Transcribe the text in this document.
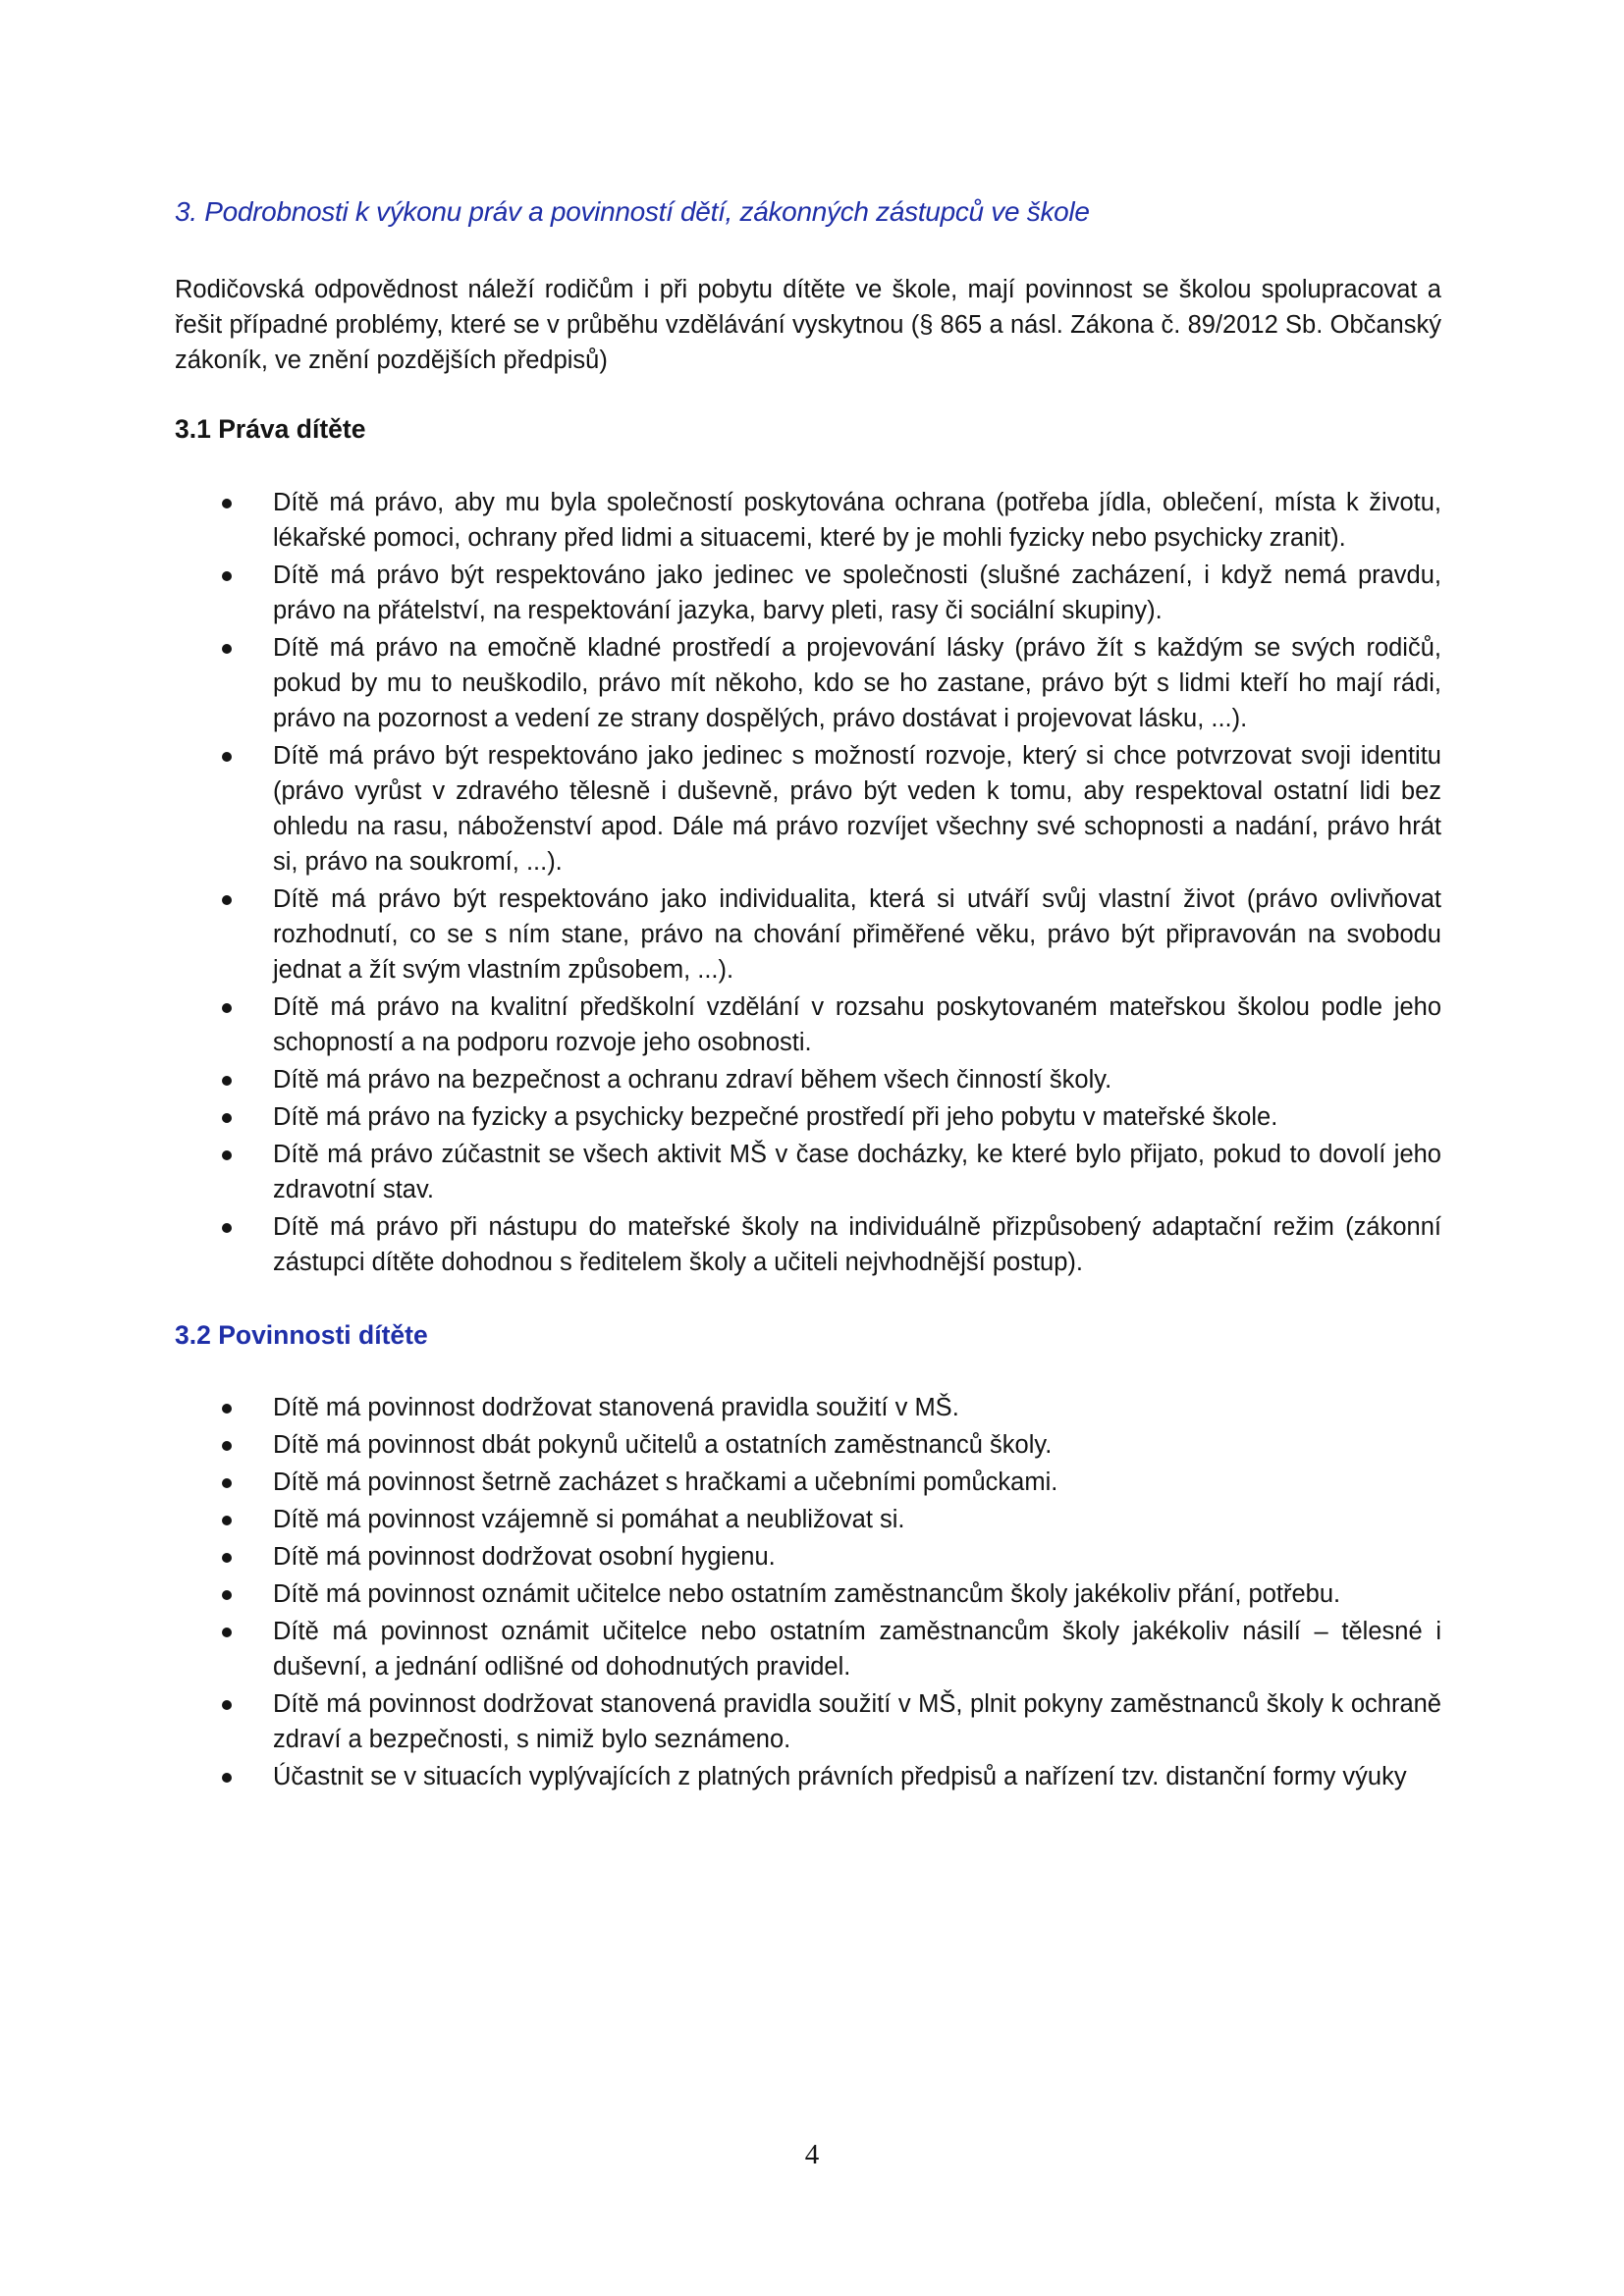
3. Podrobnosti k výkonu práv a povinností dětí, zákonných zástupců ve škole

Rodičovská odpovědnost náleží rodičům i při pobytu dítěte ve škole, mají povinnost se školou spolupracovat a řešit případné problémy, které se v průběhu vzdělávání vyskytnou (§ 865 a násl. Zákona č. 89/2012 Sb. Občanský zákoník, ve znění pozdějších předpisů)

3.1 Práva dítěte
Dítě má právo, aby mu byla společností poskytována ochrana (potřeba jídla, oblečení, místa k životu, lékařské pomoci, ochrany před lidmi a situacemi, které by je mohli fyzicky nebo psychicky zranit).
Dítě má právo být respektováno jako jedinec ve společnosti (slušné zacházení, i když nemá pravdu, právo na přátelství, na respektování jazyka, barvy pleti, rasy či sociální skupiny).
Dítě má právo na emočně kladné prostředí a projevování lásky (právo žít s každým se svých rodičů, pokud by mu to neuškodilo, právo mít někoho, kdo se ho zastane, právo být s lidmi kteří ho mají rádi, právo na pozornost a vedení ze strany dospělých, právo dostávat i projevovat lásku, ...).
Dítě má právo být respektováno jako jedinec s možností rozvoje, který si chce potvrzovat svoji identitu (právo vyrůst v zdravého tělesně i duševně, právo být veden k tomu, aby respektoval ostatní lidi bez ohledu na rasu, náboženství apod. Dále má právo rozvíjet všechny své schopnosti a nadání, právo hrát si, právo na soukromí, ...).
Dítě má právo být respektováno jako individualita, která si utváří svůj vlastní život (právo ovlivňovat rozhodnutí, co se s ním stane, právo na chování přiměřené věku, právo být připravován na svobodu jednat a žít svým vlastním způsobem, ...).
Dítě má právo na kvalitní předškolní vzdělání v rozsahu poskytovaném mateřskou školou podle jeho schopností a na podporu rozvoje jeho osobnosti.
Dítě má právo na bezpečnost a ochranu zdraví během všech činností školy.
Dítě má právo na fyzicky a psychicky bezpečné prostředí při jeho pobytu v mateřské škole.
Dítě má právo zúčastnit se všech aktivit MŠ v čase docházky, ke které bylo přijato, pokud to dovolí jeho zdravotní stav.
Dítě má právo při nástupu do mateřské školy na individuálně přizpůsobený adaptační režim (zákonní zástupci dítěte dohodnou s ředitelem školy a učiteli nejvhodnější postup).
3.2 Povinnosti dítěte
Dítě má povinnost dodržovat stanovená pravidla soužití v MŠ.
Dítě má povinnost dbát pokynů učitelů a ostatních zaměstnanců školy.
Dítě má povinnost šetrně zacházet s hračkami a učebními pomůckami.
Dítě má povinnost vzájemně si pomáhat a neubližovat si.
Dítě má povinnost dodržovat osobní hygienu.
Dítě má povinnost oznámit učitelce nebo ostatním zaměstnancům školy jakékoliv přání, potřebu.
Dítě má povinnost oznámit učitelce nebo ostatním zaměstnancům školy jakékoliv násilí – tělesné i duševní, a jednání odlišné od dohodnutých pravidel.
Dítě má povinnost dodržovat stanovená pravidla soužití v MŠ, plnit pokyny zaměstnanců školy k ochraně zdraví a bezpečnosti, s nimiž bylo seznámeno.
Účastnit se v situacích vyplývajících z platných právních předpisů a nařízení tzv. distanční formy výuky
4
